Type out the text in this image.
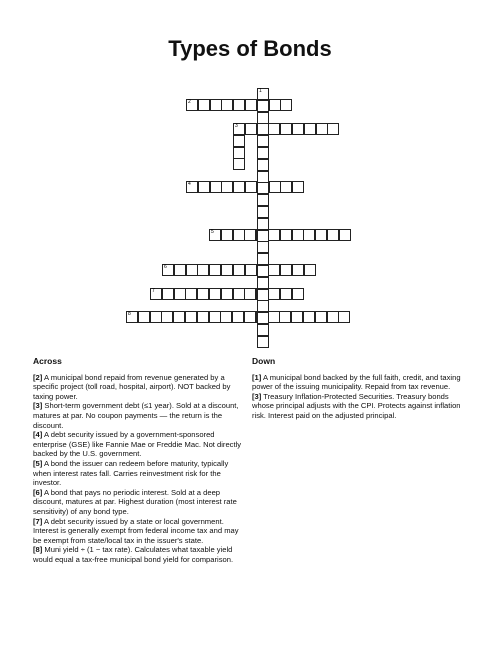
Types of Bonds
2
3
4
5
6
7
8
1
Across

[2] A municipal bond repaid from revenue generated by a specific project (toll road, hospital, airport). NOT backed by taxing power.

[3] Short-term government debt (≤1 year). Sold at a discount, matures at par. No coupon payments — the return is the discount.

[4] A debt security issued by a government-sponsored enterprise (GSE) like Fannie Mae or Freddie Mac. Not directly backed by the U.S. government.

[5] A bond the issuer can redeem before maturity, typically when interest rates fall. Carries reinvestment risk for the investor.

[6] A bond that pays no periodic interest. Sold at a deep discount, matures at par. Highest duration (most interest rate sensitivity) of any bond type.

[7] A debt security issued by a state or local government. Interest is generally exempt from federal income tax and may be exempt from state/local tax in the issuer's state.

[8] Muni yield ÷ (1 − tax rate). Calculates what taxable yield would equal a tax-free municipal bond yield for comparison.

Down

[1] A municipal bond backed by the full faith, credit, and taxing power of the issuing municipality. Repaid from tax revenue.

[3] Treasury Inflation-Protected Securities. Treasury bonds whose principal adjusts with the CPI. Protects against inflation risk. Interest paid on the adjusted principal.
